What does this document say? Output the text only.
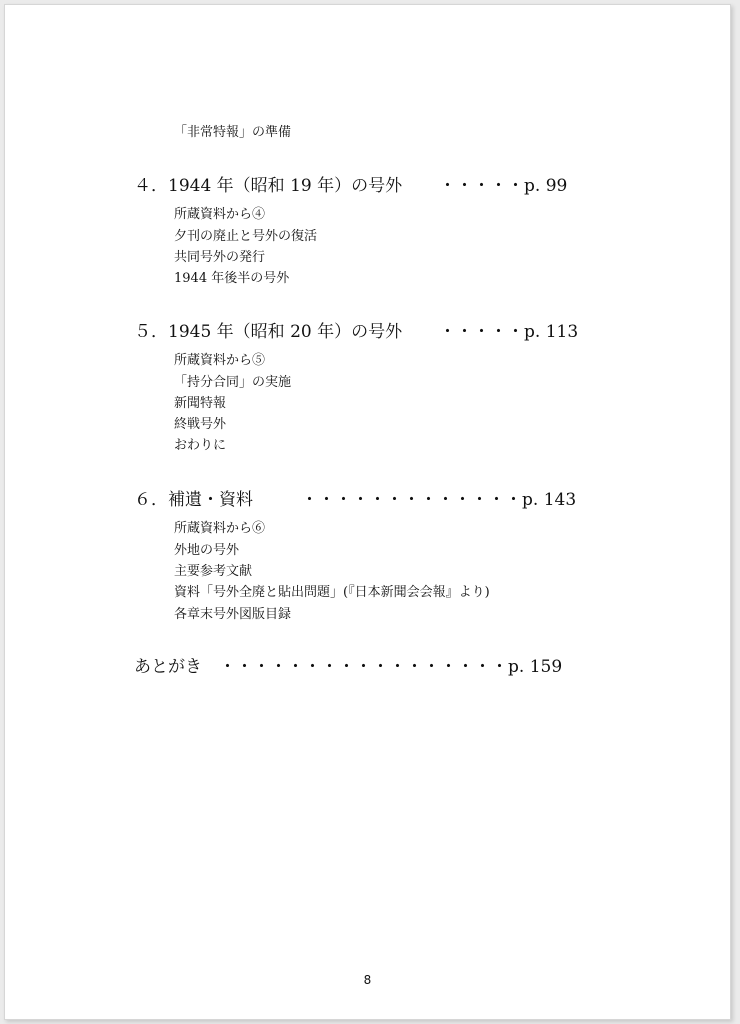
「非常特報」の準備
４．1944 年（昭和 19 年）の号外 ・・・・・p. 99
所蔵資料から④
夕刊の廃止と号外の復活
共同号外の発行
1944 年後半の号外
５．1945 年（昭和 20 年）の号外 ・・・・・p. 113
所蔵資料から⑤
「持分合同」の実施
新聞特報
終戦号外
おわりに
６．補遺・資料	・・・・・・・・・・・・・p. 143
所蔵資料から⑥
外地の号外
主要参考文献
資料「号外全廃と貼出問題」(『日本新聞会会報』より)
各章末号外図版目録
あとがき ・・・・・・・・・・・・・・・・・p. 159
8
